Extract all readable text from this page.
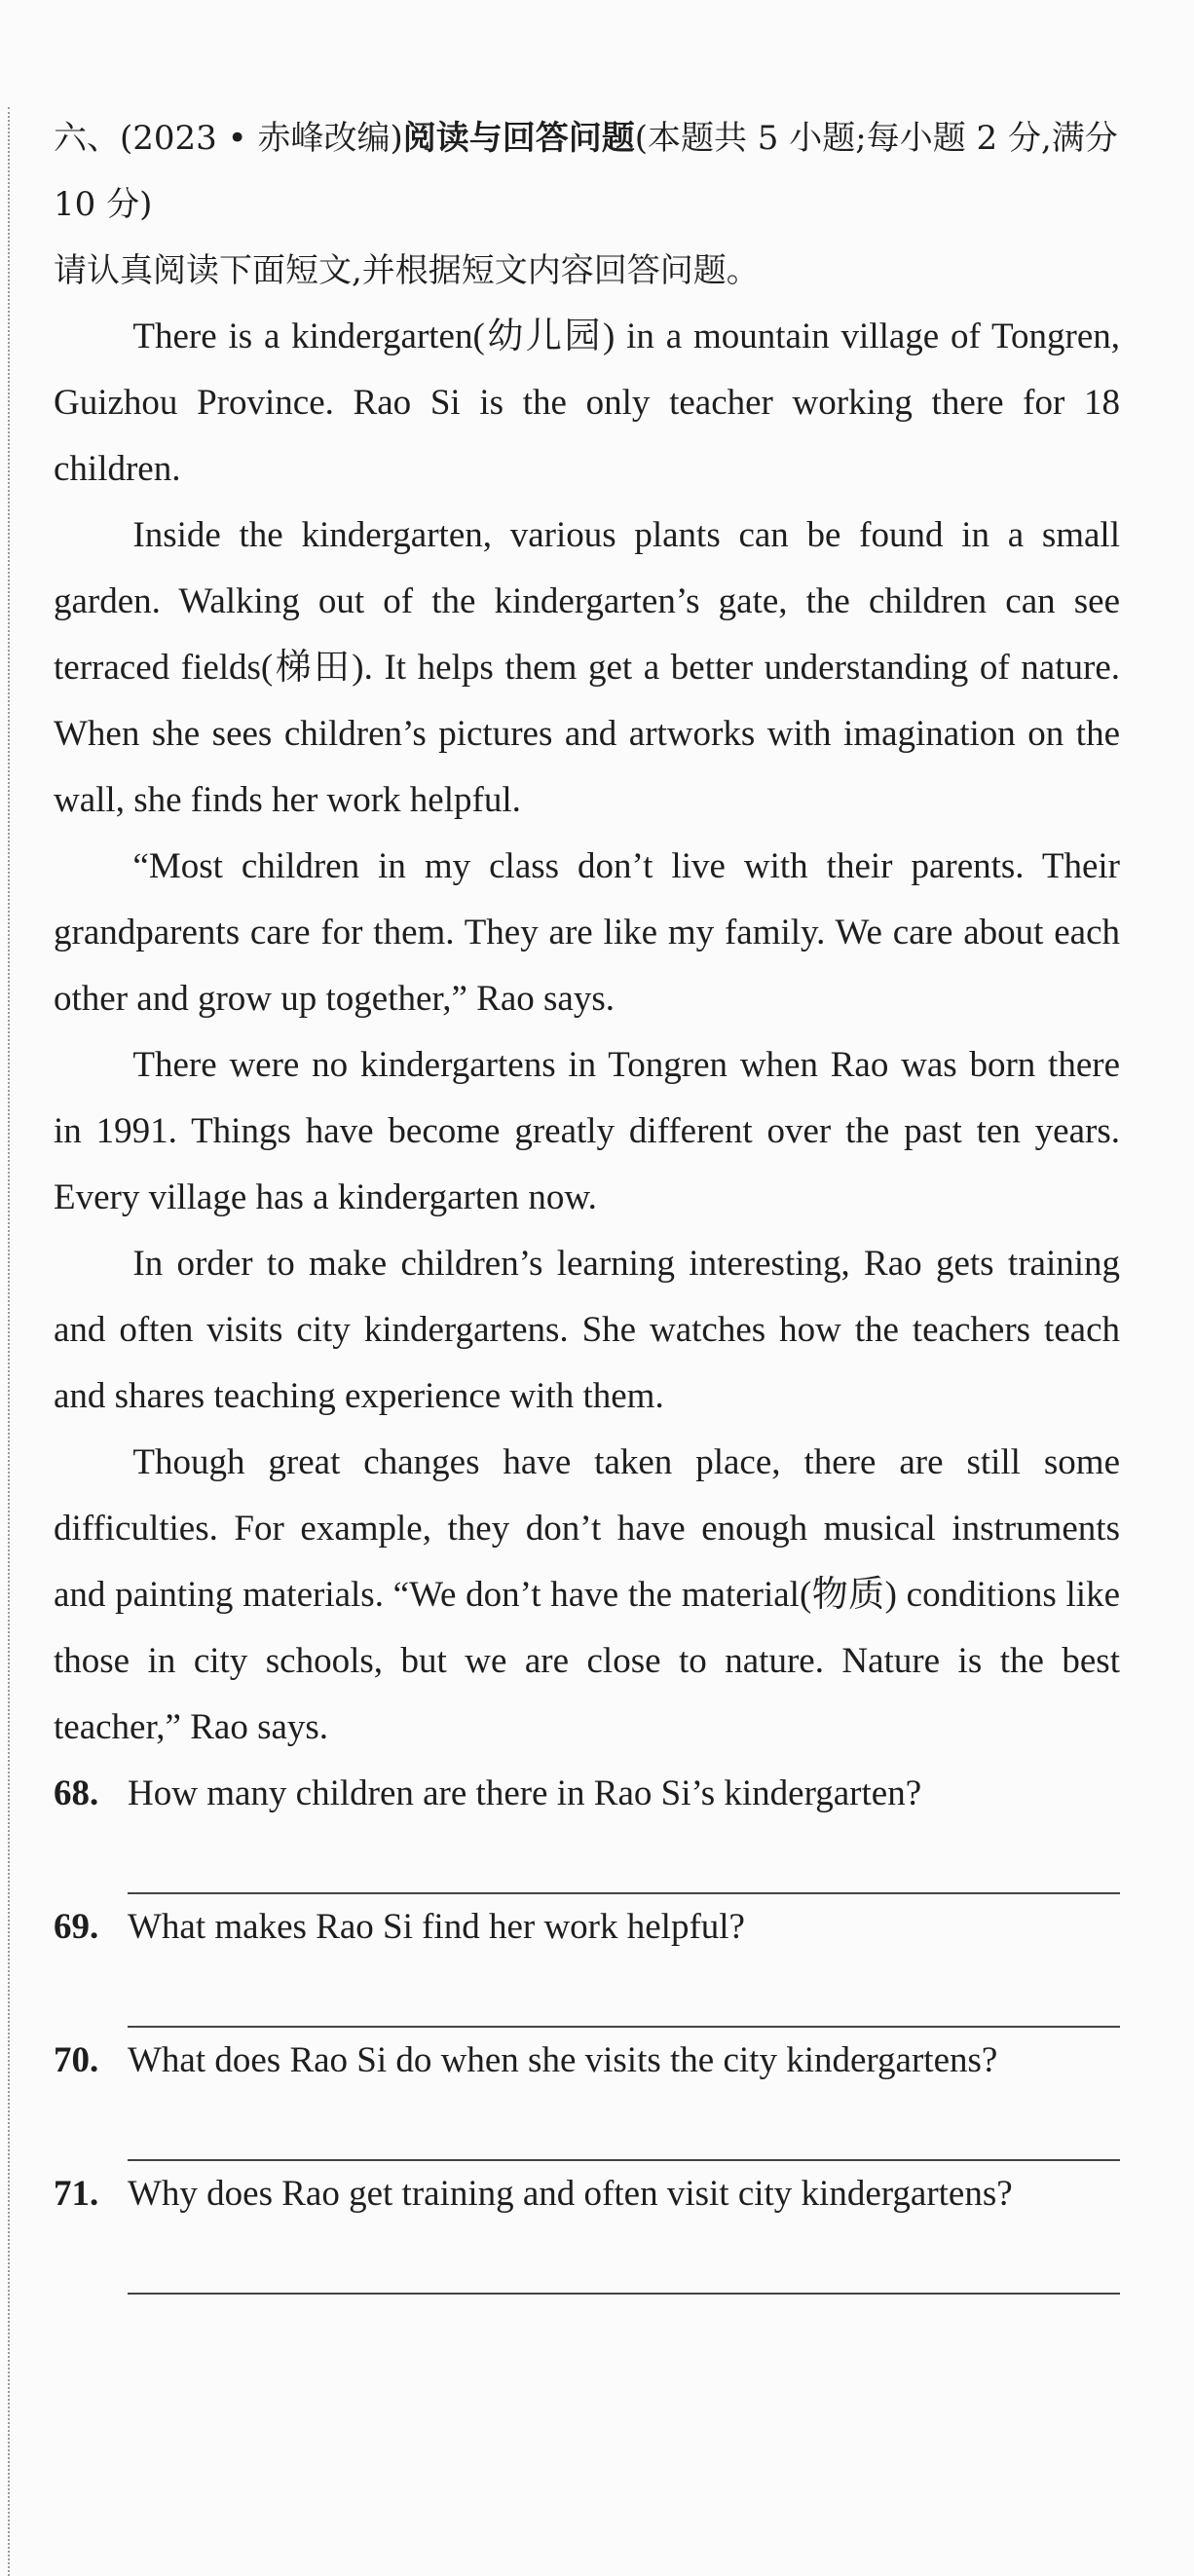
六、(2023 • 赤峰改编)阅读与回答问题(本题共 5 小题;每小题 2 分,满分 10 分)

请认真阅读下面短文,并根据短文内容回答问题。

There is a kindergarten(幼儿园) in a mountain village of Tongren, Guizhou Province. Rao Si is the only teacher working there for 18 children.

Inside the kindergarten, various plants can be found in a small garden. Walking out of the kindergarten’s gate, the children can see terraced fields(梯田). It helps them get a better understanding of nature. When she sees children’s pictures and artworks with imagination on the wall, she finds her work helpful.

“Most children in my class don’t live with their parents. Their grandparents care for them. They are like my family. We care about each other and grow up together,” Rao says.

There were no kindergartens in Tongren when Rao was born there in 1991. Things have become greatly different over the past ten years. Every village has a kindergarten now.

In order to make children’s learning interesting, Rao gets training and often visits city kindergartens. She watches how the teachers teach and shares teaching experience with them.

Though great changes have taken place, there are still some difficulties. For example, they don’t have enough musical instruments and painting materials. “We don’t have the material(物质) conditions like those in city schools, but we are close to nature. Nature is the best teacher,” Rao says.

68. How many children are there in Rao Si’s kindergarten?
69. What makes Rao Si find her work helpful?
70. What does Rao Si do when she visits the city kindergartens?
71. Why does Rao get training and often visit city kindergartens?
